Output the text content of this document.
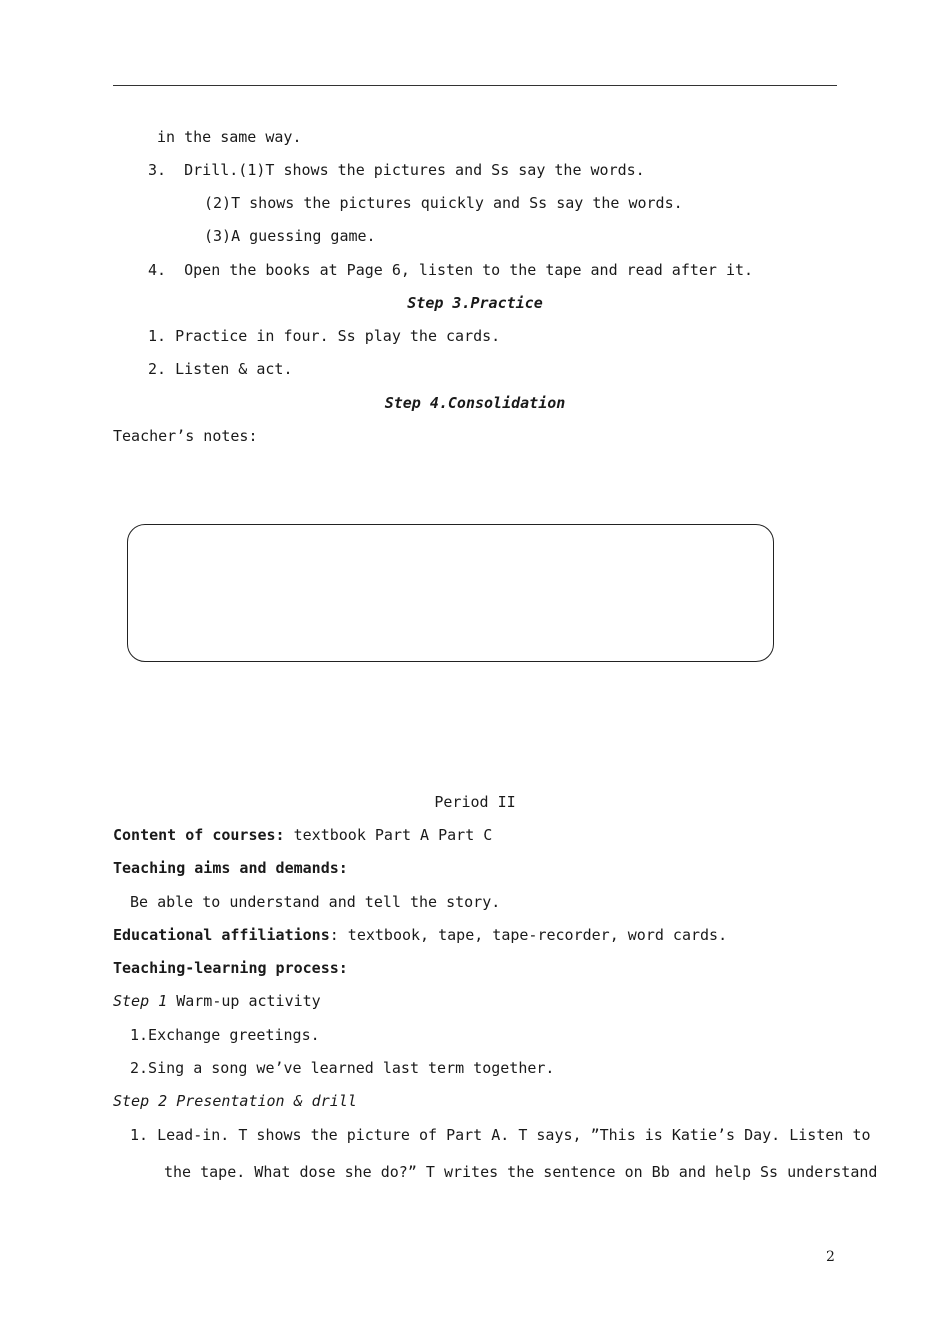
in the same way.
3.  Drill.(1)T shows the pictures and Ss say the words.
(2)T shows the pictures quickly and Ss say the words.
(3)A guessing game.
4.  Open the books at Page 6, listen to the tape and read after it.
Step 3.Practice
1. Practice in four. Ss play the cards.
2. Listen & act.
Step 4.Consolidation
Teacher’s notes:
Period II
Content of courses: textbook Part A Part C
Teaching aims and demands:
Be able to understand and tell the story.
Educational affiliations: textbook, tape, tape-recorder, word cards.
Teaching-learning process:
Step 1 Warm-up activity
1.Exchange greetings.
2.Sing a song we’ve learned last term together.
Step 2 Presentation & drill
1. Lead-in. T shows the picture of Part A. T says, ”This is Katie’s Day. Listen to
the tape. What dose she do?” T writes the sentence on Bb and help Ss understand
2
